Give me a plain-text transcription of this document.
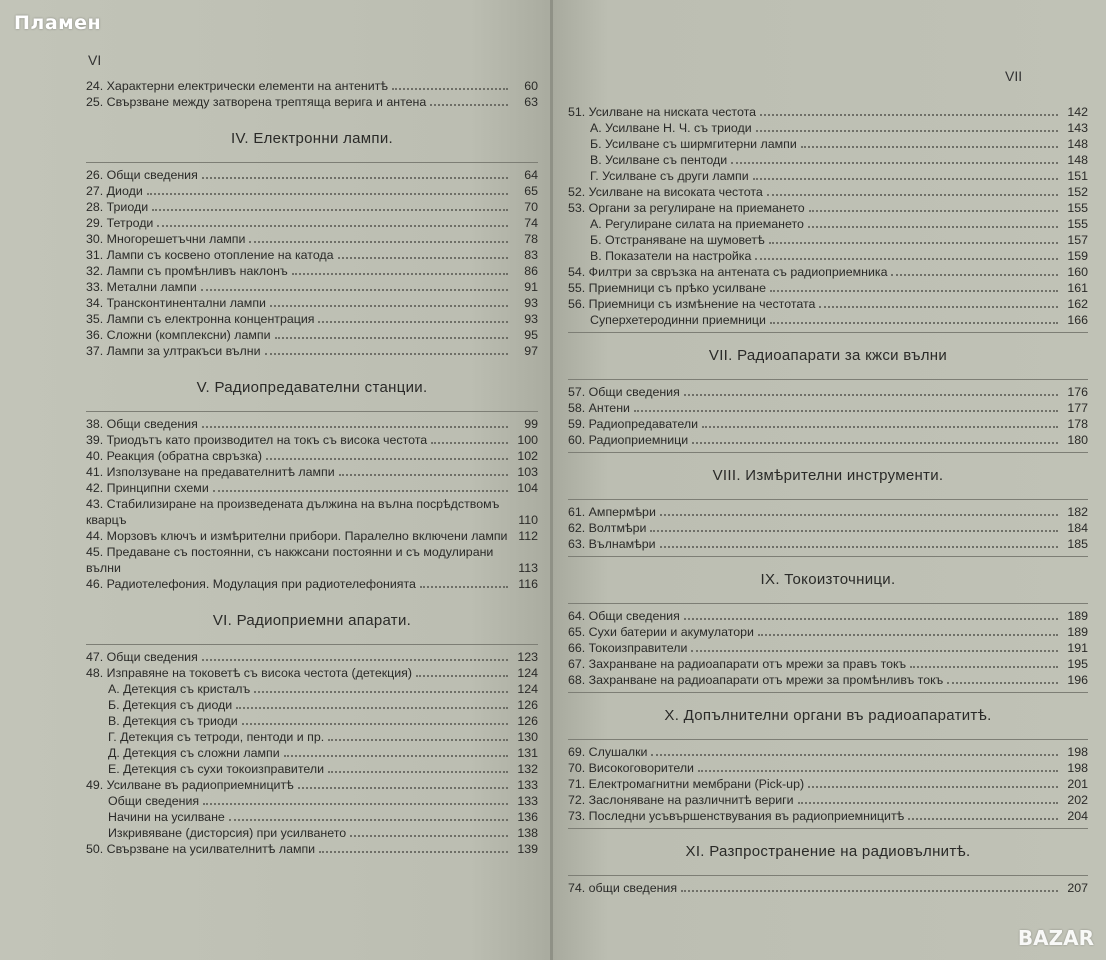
VI
24. Характерни електрически елементи на антенитѣ	60
25. Свързване между затворена трептяща верига и антена	63
IV. Електронни лампи.
26. Общи сведения	64
27. Диоди	65
28. Триоди	70
29. Тетроди	74
30. Многорешетъчни лампи	78
31. Лампи съ косвено отопление на катода	83
32. Лампи съ промѣнливъ наклонъ	86
33. Метални лампи	91
34. Трансконтинентални лампи	93
35. Лампи съ електронна концентрация	93
36. Сложни (комплексни) лампи	95
37. Лампи за ултракъси вълни	97
V. Радиопредавателни станции.
38. Общи сведения	99
39. Триодътъ като производител на токъ съ висока честота	100
40. Реакция (обратна свръзка)	102
41. Използуване на предавателнитѣ лампи	103
42. Принципни схеми	104
43. Стабилизиране на произведената дължина на вълна посрѣдствомъ кварцъ	110
44. Морзовъ ключъ и измѣрителни прибори. Паралелно включени лампи 112
45. Предаване съ постоянни, съ накжсани постоянни и съ модулирани вълни	113
46. Радиотелефония. Модулация при радиотелефонията	116
VI. Радиоприемни апарати.
47. Общи сведения	123
48. Изправяне на токоветѣ съ висока честота (детекция)	124
А. Детекция съ кристалъ	124
Б. Детекция съ диоди	126
В. Детекция съ триоди	126
Г. Детекция съ тетроди, пентоди и пр.	130
Д. Детекция съ сложни лампи	131
Е. Детекция съ сухи токоизправители	132
49. Усилване въ радиоприемницитѣ	133
Общи сведения	133
Начини на усилване	136
Изкривяване (дисторсия) при усилването	138
50. Свързване на усилвателнитѣ лампи	139
VII
51. Усилване на ниската честота	142
А. Усилване Н. Ч. съ триоди	143
Б. Усилване съ ширмгитерни лампи	148
В. Усилване съ пентоди	148
Г. Усилване съ други лампи	151
52. Усилване на високата честота	152
53. Органи за регулиране на приемането	155
А. Регулиране силата на приемането	155
Б. Отстраняване на шумоветѣ	157
В. Показатели на настройка	159
54. Филтри за свръзка на антената съ радиоприемника	160
55. Приемници съ прѣко усилване	161
56. Приемници съ измѣнение на честотата	162
Суперхетеродинни приемници	166
VII. Радиоапарати за кжси вълни
57. Общи сведения	176
58. Антени	177
59. Радиопредаватели	178
60. Радиоприемници	180
VIII. Измѣрителни инструменти.
61. Ампермѣри	182
62. Волтмѣри	184
63. Вълнамѣри	185
IX. Токоизточници.
64. Общи сведения	189
65. Сухи батерии и акумулатори	189
66. Токоизправители	191
67. Захранване на радиоапарати отъ мрежи за правъ токъ	195
68. Захранване на радиоапарати отъ мрежи за промѣнливъ токъ	196
X. Допълнителни органи въ радиоапаратитѣ.
69. Слушалки	198
70. Високоговорители	198
71. Електромагнитни мембрани (Pick-up)	201
72. Заслоняване на различнитѣ вериги	202
73. Последни усъвършенствувания въ радиоприемницитѣ	204
XI. Разпространение на радиовълнитѣ.
74. общи сведения	207
Пламен
BAZAR
